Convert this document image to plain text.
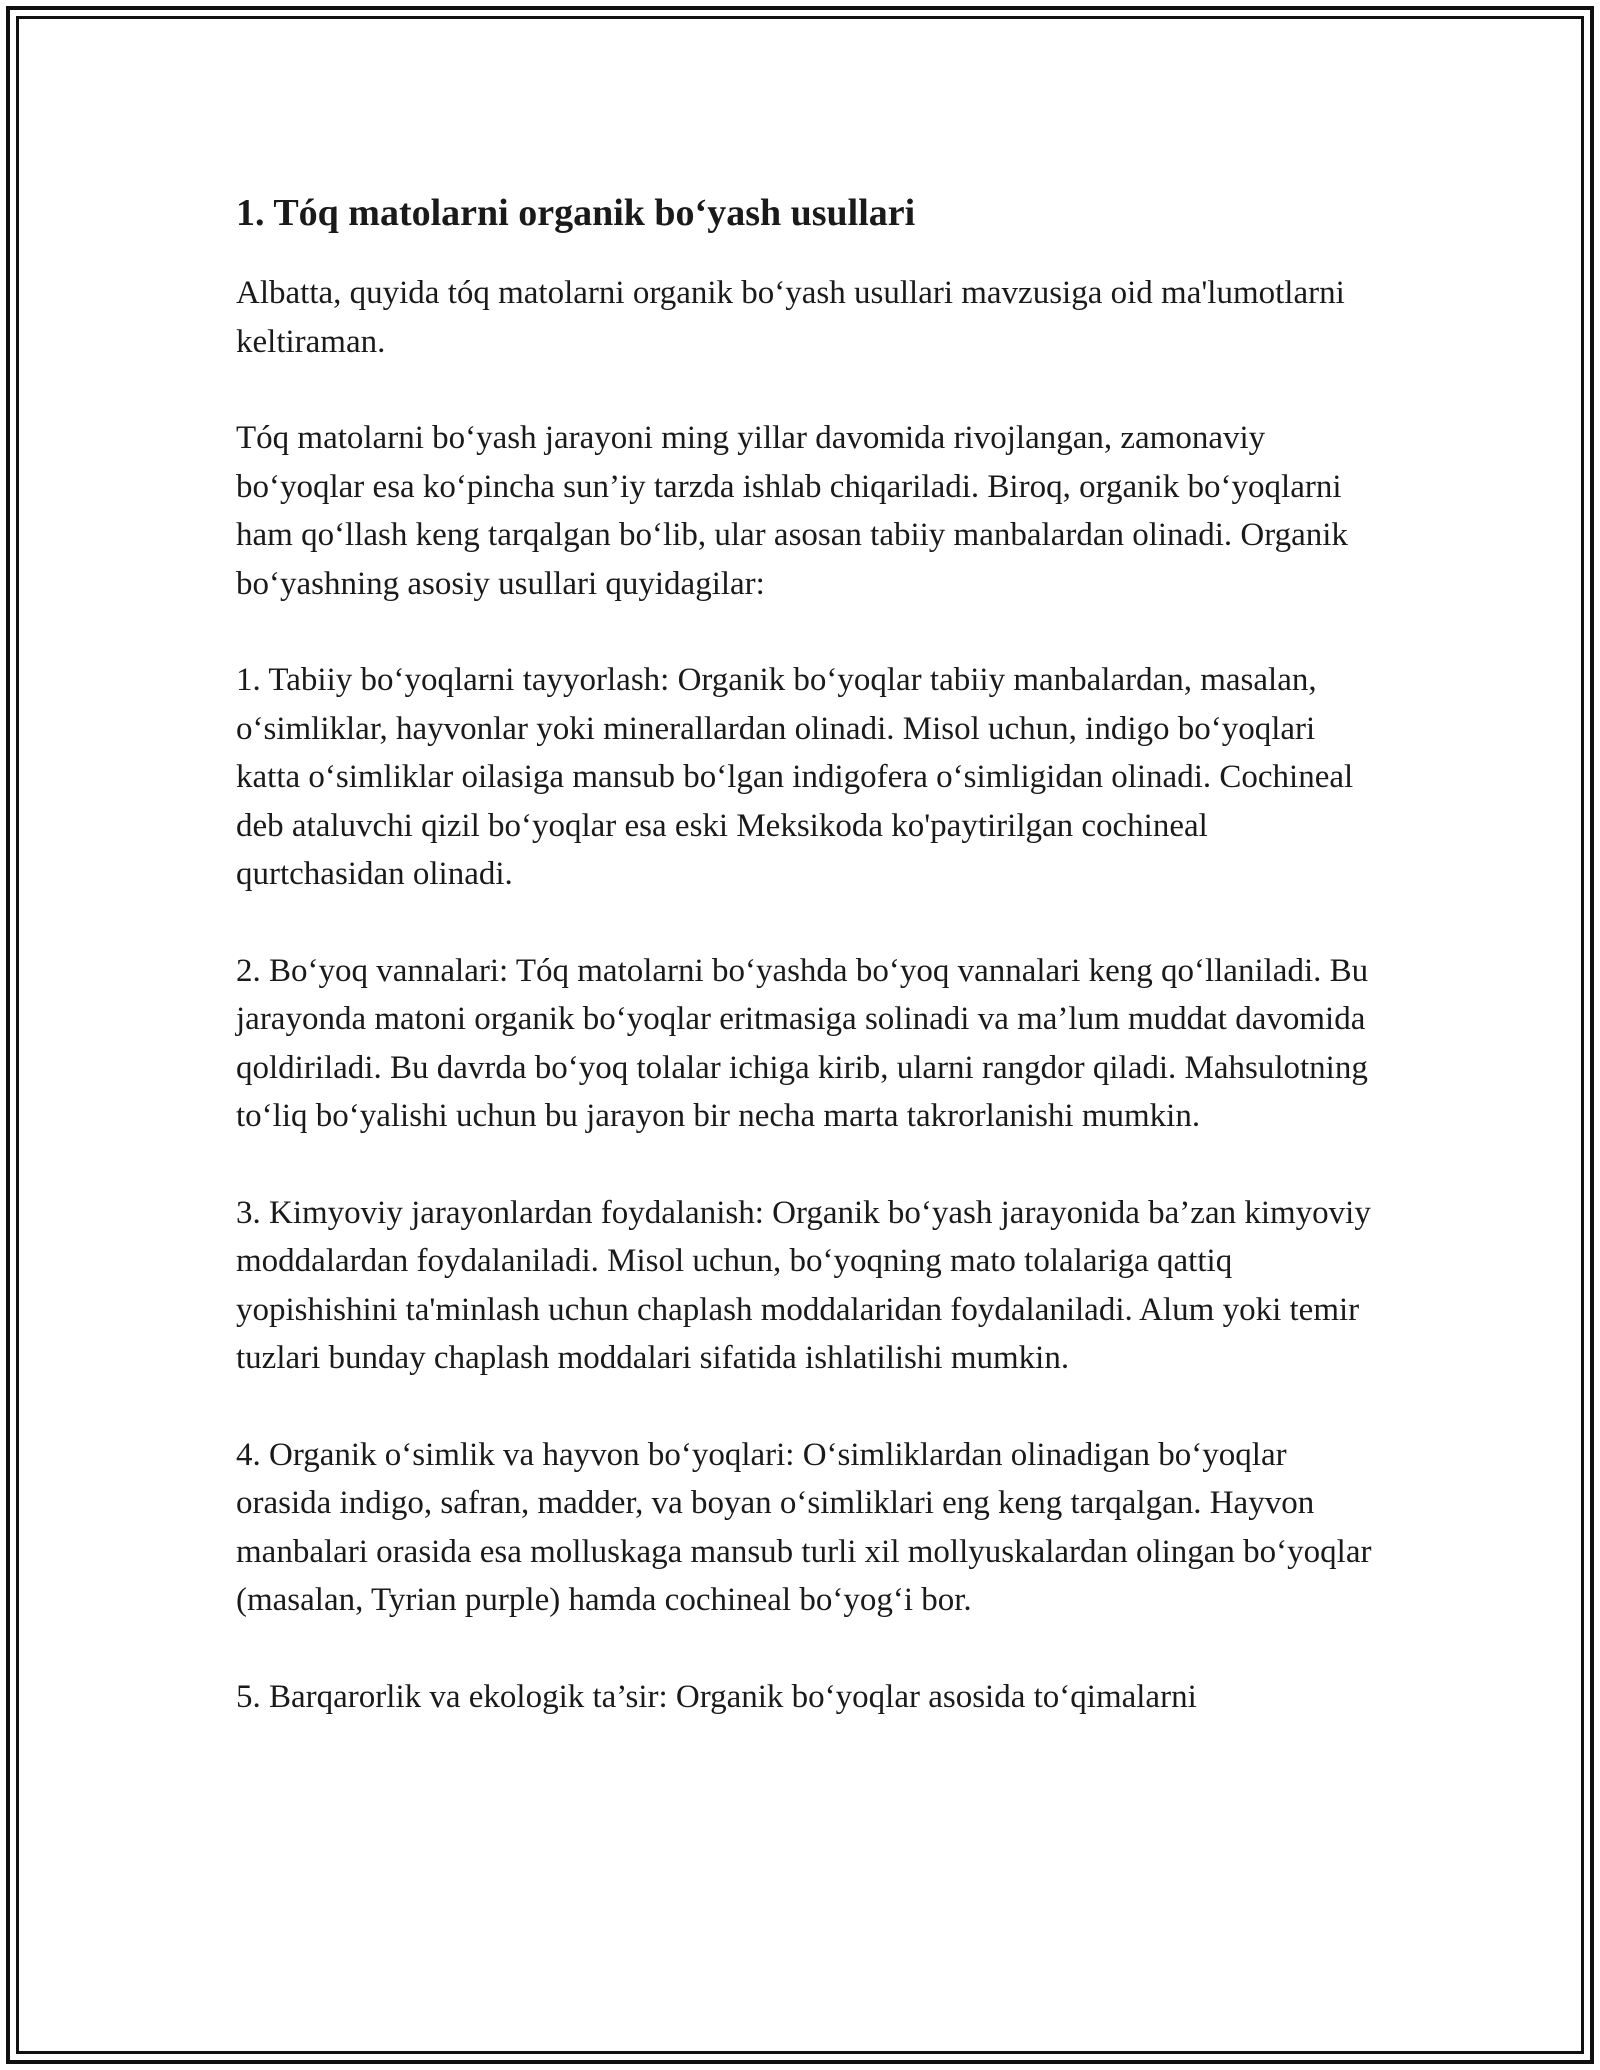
1. Tóq matolarni organik bo‘yash usullari

Albatta, quyida tóq matolarni organik bo‘yash usullari mavzusiga oid ma'lumotlarni keltiraman.

Tóq matolarni bo‘yash jarayoni ming yillar davomida rivojlangan, zamonaviy bo‘yoqlar esa ko‘pincha sun’iy tarzda ishlab chiqariladi. Biroq, organik bo‘yoqlarni ham qo‘llash keng tarqalgan bo‘lib, ular asosan tabiiy manbalardan olinadi. Organik bo‘yashning asosiy usullari quyidagilar:

1. Tabiiy bo‘yoqlarni tayyorlash: Organik bo‘yoqlar tabiiy manbalardan, masalan, o‘simliklar, hayvonlar yoki minerallardan olinadi. Misol uchun, indigo bo‘yoqlari katta o‘simliklar oilasiga mansub bo‘lgan indigofera o‘simligidan olinadi. Cochineal deb ataluvchi qizil bo‘yoqlar esa eski Meksikoda ko'paytirilgan cochineal qurtchasidan olinadi.

2. Bo‘yoq vannalari: Tóq matolarni bo‘yashda bo‘yoq vannalari keng qo‘llaniladi. Bu jarayonda matoni organik bo‘yoqlar eritmasiga solinadi va ma’lum muddat davomida qoldiriladi. Bu davrda bo‘yoq tolalar ichiga kirib, ularni rangdor qiladi. Mahsulotning to‘liq bo‘yalishi uchun bu jarayon bir necha marta takrorlanishi mumkin.

3. Kimyoviy jarayonlardan foydalanish: Organik bo‘yash jarayonida ba’zan kimyoviy moddalardan foydalaniladi. Misol uchun, bo‘yoqning mato tolalariga qattiq yopishishini ta'minlash uchun chaplash moddalaridan foydalaniladi. Alum yoki temir tuzlari bunday chaplash moddalari sifatida ishlatilishi mumkin.

4. Organik o‘simlik va hayvon bo‘yoqlari: O‘simliklardan olinadigan bo‘yoqlar orasida indigo, safran, madder, va boyan o‘simliklari eng keng tarqalgan. Hayvon manbalari orasida esa molluskaga mansub turli xil mollyuskalardan olingan bo‘yoqlar (masalan, Tyrian purple) hamda cochineal bo‘yog‘i bor.

5. Barqarorlik va ekologik ta’sir: Organik bo‘yoqlar asosida to‘qimalarni
